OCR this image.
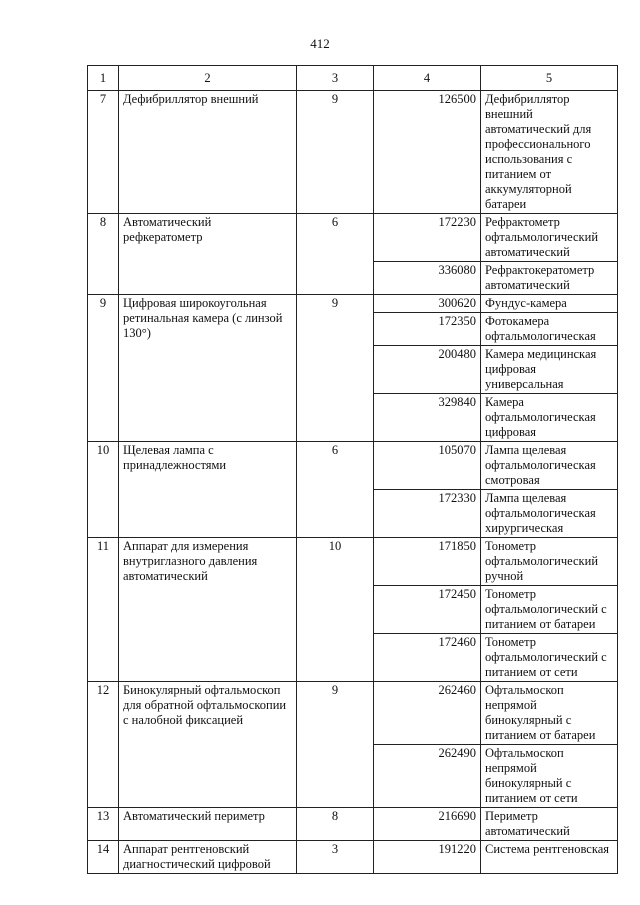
412
1	2	3	4	5
7	Дефибриллятор внешний	9	126500	Дефибриллятор внешний автоматический для профессионального использования с питанием от аккумуляторной батареи
8	Автоматический рефкератометр	6	172230	Рефрактометр офтальмологический автоматический
			336080	Рефрактокератометр автоматический
9	Цифровая широкоугольная ретинальная камера (с линзой 130°)	9	300620	Фундус-камера
			172350	Фотокамера офтальмологическая
			200480	Камера медицинская цифровая универсальная
			329840	Камера офтальмологическая цифровая
10	Щелевая лампа с принадлежностями	6	105070	Лампа щелевая офтальмологическая смотровая
			172330	Лампа щелевая офтальмологическая хирургическая
11	Аппарат для измерения внутриглазного давления автоматический	10	171850	Тонометр офтальмологический ручной
			172450	Тонометр офтальмологический с питанием от батареи
			172460	Тонометр офтальмологический с питанием от сети
12	Бинокулярный офтальмоскоп для обратной офтальмоскопии с налобной фиксацией	9	262460	Офтальмоскоп непрямой бинокулярный с питанием от батареи
			262490	Офтальмоскоп непрямой бинокулярный с питанием от сети
13	Автоматический периметр	8	216690	Периметр автоматический
14	Аппарат рентгеновский диагностический цифровой	3	191220	Система рентгеновская
